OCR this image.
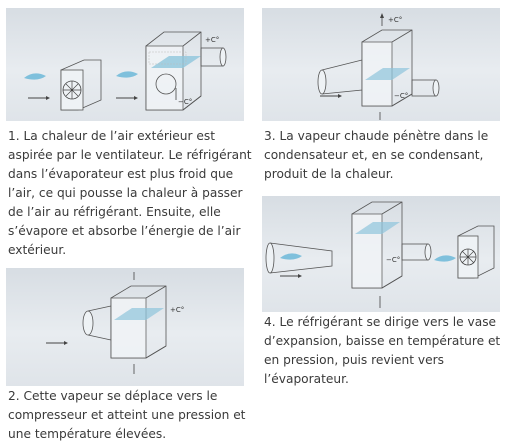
+C°
−C°
1. La chaleur de l’air extérieur est
aspirée par le ventilateur. Le réfrigérant
dans l’évaporateur est plus froid que
l’air, ce qui pousse la chaleur à passer
de l’air au réfrigérant. Ensuite, elle
s’évapore et absorbe l’énergie de l’air
extérieur.
+C°
2. Cette vapeur se déplace vers le
compresseur et atteint une pression et
une température élevées.
+C°
−C°
3. La vapeur chaude pénètre dans le
condensateur et, en se condensant,
produit de la chaleur.
−C°
4. Le réfrigérant se dirige vers le vase
d’expansion, baisse en température et
en pression, puis revient vers
l’évaporateur.
